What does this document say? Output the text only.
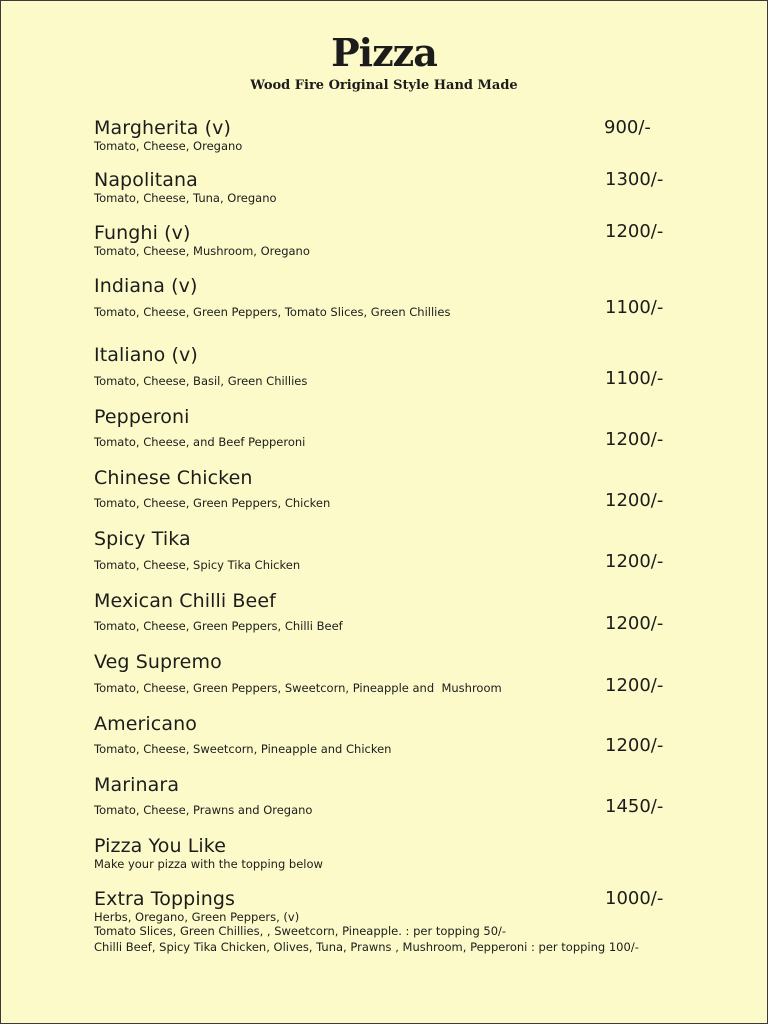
Pizza
Wood Fire Original Style Hand Made
Margherita (v)
Tomato, Cheese, Oregano
900/-
Napolitana
Tomato, Cheese, Tuna, Oregano
1300/-
Funghi (v)
Tomato, Cheese, Mushroom, Oregano
1200/-
Indiana (v)
Tomato, Cheese, Green Peppers, Tomato Slices, Green Chillies	1100/-
Italiano (v)
Tomato, Cheese, Basil, Green Chillies	1100/-
Pepperoni
Tomato, Cheese, and Beef Pepperoni	1200/-
Chinese Chicken
Tomato, Cheese, Green Peppers, Chicken	1200/-
Spicy Tika
Tomato, Cheese, Spicy Tika Chicken	1200/-
Mexican Chilli Beef
Tomato, Cheese, Green Peppers, Chilli Beef	1200/-
Veg Supremo
Tomato, Cheese, Green Peppers, Sweetcorn, Pineapple and  Mushroom	1200/-
Americano
Tomato, Cheese, Sweetcorn, Pineapple and Chicken	1200/-
Marinara
Tomato, Cheese, Prawns and Oregano	1450/-
Pizza You Like
Make your pizza with the topping below
Extra Toppings
Herbs, Oregano, Green Peppers, (v)
Tomato Slices, Green Chillies, , Sweetcorn, Pineapple. : per topping 50/-
Chilli Beef, Spicy Tika Chicken, Olives, Tuna, Prawns , Mushroom, Pepperoni : per topping 100/-
1000/-
